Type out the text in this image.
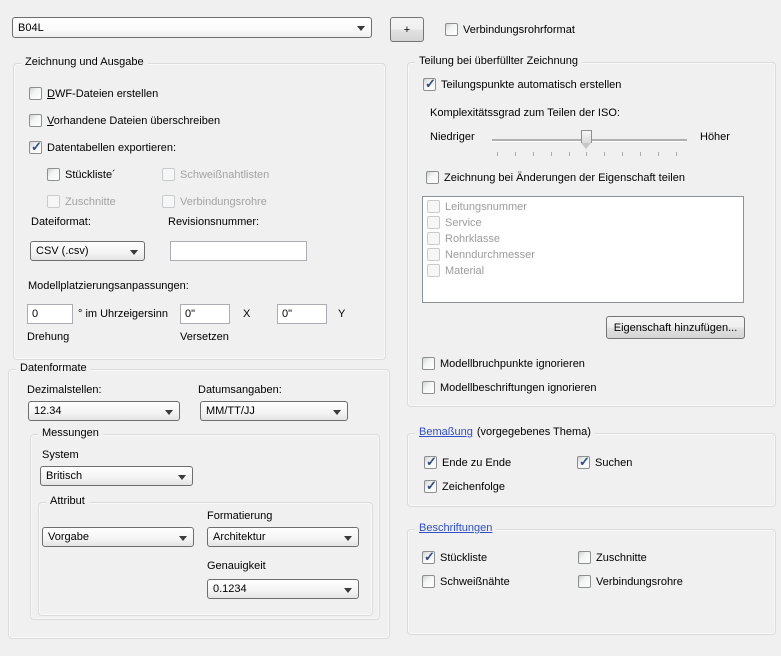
B04L	+	Verbindungsrohrformat
Zeichnung und Ausgabe
DWF-Dateien erstellen
Vorhandene Dateien überschreiben
✓
Datentabellen exportieren:
Stückliste´	Schweißnahtlisten
Zuschnitte	Verbindungsrohre
Dateiformat:	Revisionsnummer:
CSV (.csv)
Modellplatzierungsanpassungen:
0
° im Uhrzeigersinn
0"	X
0"	Y
Drehung	Versetzen
Datenformate
Dezimalstellen:	Datumsangaben:
12.34	MM/TT/JJ
Messungen
System
Britisch
Attribut
Formatierung
Vorgabe	Architektur
Genauigkeit
0.1234
Teilung bei überfüllter Zeichnung
✓
Teilungspunkte automatisch erstellen
Komplexitätssgrad zum Teilen der ISO:
Niedriger	Höher
Zeichnung bei Änderungen der Eigenschaft teilen
Leitungsnummer
Service
Rohrklasse
Nenndurchmesser
Material
Eigenschaft hinzufügen...
Modellbruchpunkte ignorieren
Modellbeschriftungen ignorieren
Bemaßung (vorgegebenes Thema)
✓
Ende zu Ende ✓	Suchen
✓
Zeichenfolge
Beschriftungen
✓
Stückliste	Zuschnitte
Schweißnähte	Verbindungsrohre
